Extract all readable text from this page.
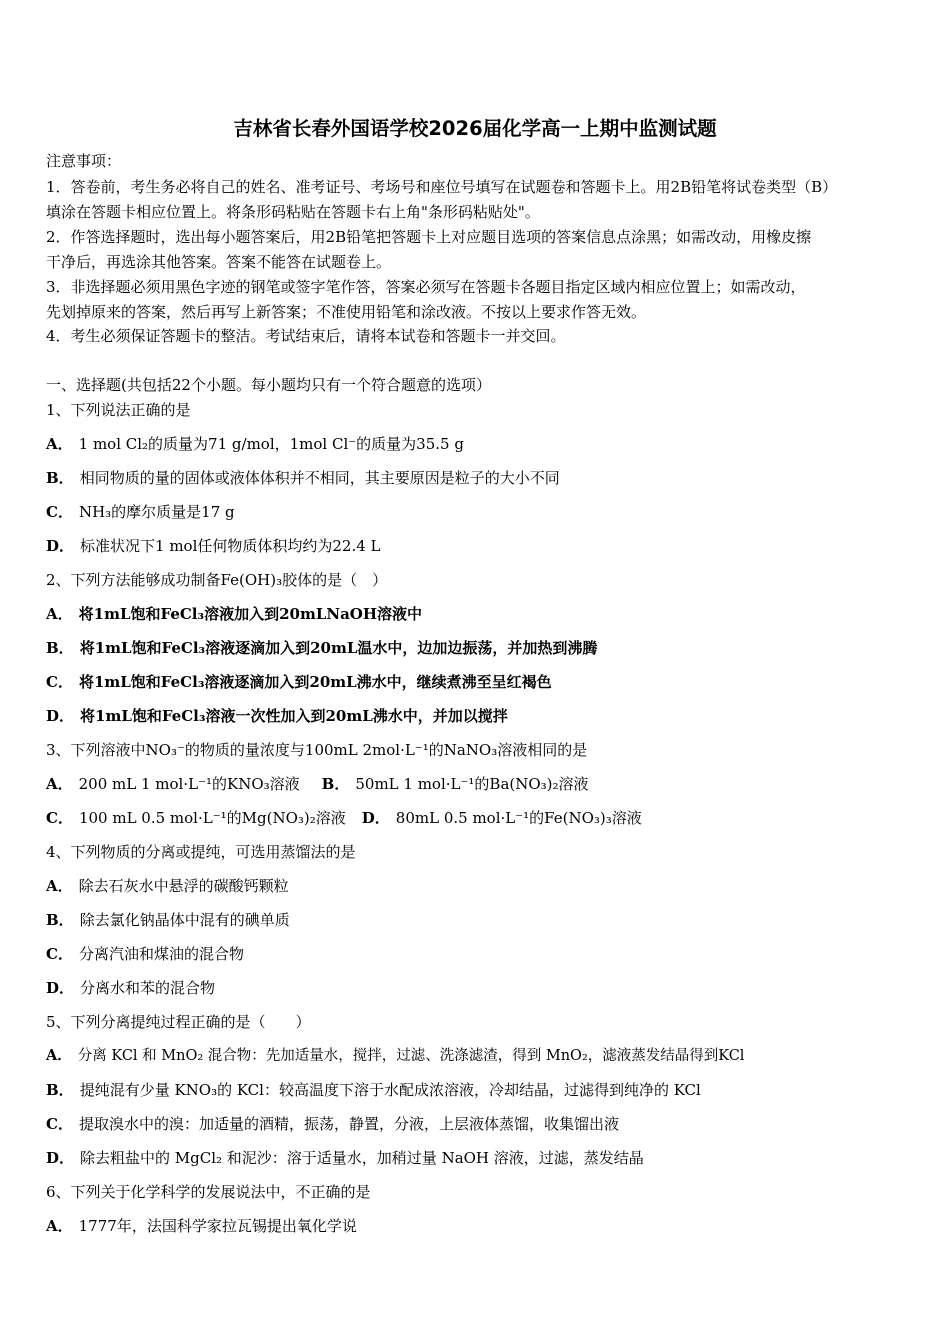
吉林省长春外国语学校2026届化学高一上期中监测试题
注意事项：
1．答卷前，考生务必将自己的姓名、准考证号、考场号和座位号填写在试题卷和答题卡上。用2B铅笔将试卷类型（B）
填涂在答题卡相应位置上。将条形码粘贴在答题卡右上角"条形码粘贴处"。
2．作答选择题时，选出每小题答案后，用2B铅笔把答题卡上对应题目选项的答案信息点涂黑；如需改动，用橡皮擦
干净后，再选涂其他答案。答案不能答在试题卷上。
3．非选择题必须用黑色字迹的钢笔或签字笔作答，答案必须写在答题卡各题目指定区域内相应位置上；如需改动，
先划掉原来的答案，然后再写上新答案；不准使用铅笔和涂改液。不按以上要求作答无效。
4．考生必须保证答题卡的整洁。考试结束后，请将本试卷和答题卡一并交回。
一、选择题(共包括22个小题。每小题均只有一个符合题意的选项）
1、下列说法正确的是
A． 1 mol Cl₂的质量为71 g/mol，1mol Cl⁻的质量为35.5 g
B． 相同物质的量的固体或液体体积并不相同，其主要原因是粒子的大小不同
C． NH₃的摩尔质量是17 g
D． 标准状况下1 mol任何物质体积均约为22.4 L
2、下列方法能够成功制备Fe(OH)₃胶体的是（　）
A． 将1mL饱和FeCl₃溶液加入到20mLNaOH溶液中
B． 将1mL饱和FeCl₃溶液逐滴加入到20mL温水中，边加边振荡，并加热到沸腾
C． 将1mL饱和FeCl₃溶液逐滴加入到20mL沸水中，继续煮沸至呈红褐色
D． 将1mL饱和FeCl₃溶液一次性加入到20mL沸水中，并加以搅拌
3、下列溶液中NO₃⁻的物质的量浓度与100mL 2mol·L⁻¹的NaNO₃溶液相同的是
A． 200 mL 1 mol·L⁻¹的KNO₃溶液 B． 50mL 1 mol·L⁻¹的Ba(NO₃)₂溶液
C． 100 mL 0.5 mol·L⁻¹的Mg(NO₃)₂溶液 D． 80mL 0.5 mol·L⁻¹的Fe(NO₃)₃溶液
4、下列物质的分离或提纯，可选用蒸馏法的是
A． 除去石灰水中悬浮的碳酸钙颗粒
B． 除去氯化钠晶体中混有的碘单质
C． 分离汽油和煤油的混合物
D． 分离水和苯的混合物
5、下列分离提纯过程正确的是（　　）
A． 分离 KCl 和 MnO₂ 混合物：先加适量水，搅拌，过滤、洗涤滤渣，得到 MnO₂，滤液蒸发结晶得到KCl
B． 提纯混有少量 KNO₃的 KCl：较高温度下溶于水配成浓溶液，冷却结晶，过滤得到纯净的 KCl
C． 提取溴水中的溴：加适量的酒精，振荡，静置，分液，上层液体蒸馏，收集馏出液
D． 除去粗盐中的 MgCl₂ 和泥沙：溶于适量水，加稍过量 NaOH 溶液，过滤，蒸发结晶
6、下列关于化学科学的发展说法中，不正确的是
A． 1777年，法国科学家拉瓦锡提出氧化学说
